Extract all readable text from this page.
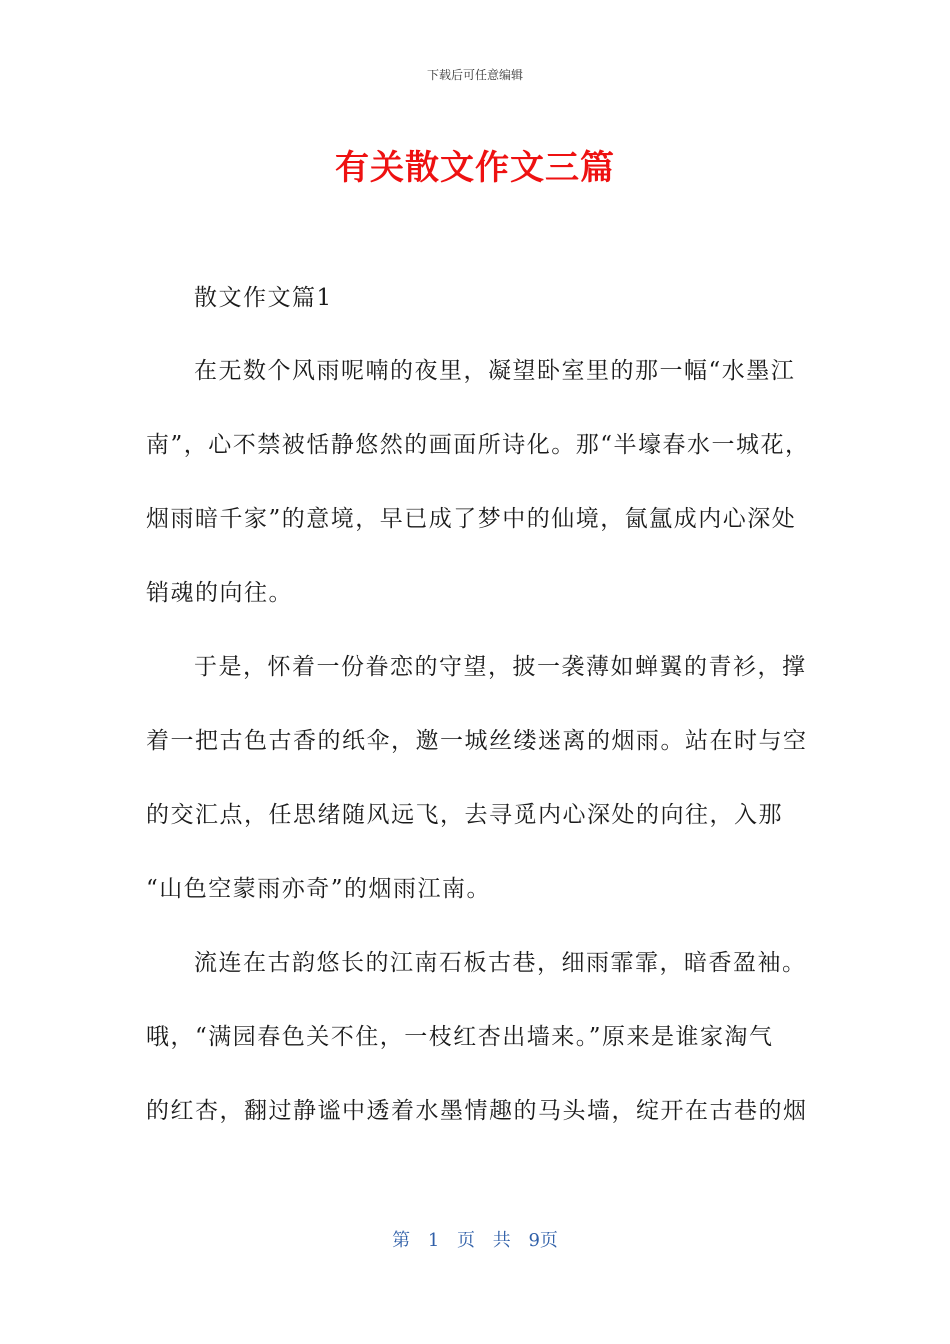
下载后可任意编辑
有关散文作文三篇
散文作文篇1
在无数个风雨呢喃的夜里，凝望卧室里的那一幅“水墨江
南”，心不禁被恬静悠然的画面所诗化。那“半壕春水一城花，
烟雨暗千家”的意境，早已成了梦中的仙境，氤氲成内心深处
销魂的向往。
于是，怀着一份眷恋的守望，披一袭薄如蝉翼的青衫，撑
着一把古色古香的纸伞，邀一城丝缕迷离的烟雨。站在时与空
的交汇点，任思绪随风远飞，去寻觅内心深处的向往，入那
“山色空蒙雨亦奇”的烟雨江南。
流连在古韵悠长的江南石板古巷，细雨霏霏，暗香盈袖。
哦，“满园春色关不住，一枝红杏出墙来。”原来是谁家淘气
的红杏，翻过静谧中透着水墨情趣的马头墙，绽开在古巷的烟
第 1 页 共 9页
